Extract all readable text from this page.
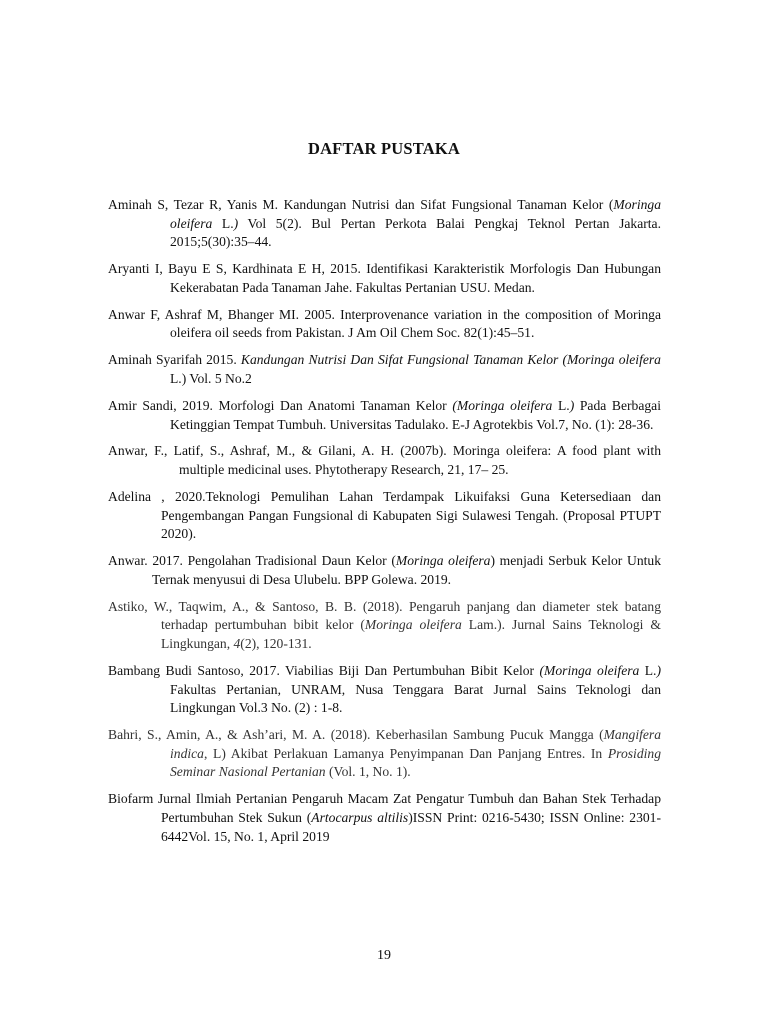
DAFTAR PUSTAKA

Aminah S, Tezar R, Yanis M. Kandungan Nutrisi dan Sifat Fungsional Tanaman Kelor (Moringa oleifera L.) Vol 5(2). Bul Pertan Perkota Balai Pengkaj Teknol Pertan Jakarta. 2015;5(30):35–44.

Aryanti I, Bayu E S, Kardhinata E H, 2015. Identifikasi Karakteristik Morfologis Dan Hubungan Kekerabatan Pada Tanaman Jahe. Fakultas Pertanian USU. Medan.

Anwar F, Ashraf M, Bhanger MI. 2005. Interprovenance variation in the composition of Moringa oleifera oil seeds from Pakistan. J Am Oil Chem Soc. 82(1):45–51.

Aminah Syarifah 2015. Kandungan Nutrisi Dan Sifat Fungsional Tanaman Kelor (Moringa oleifera L.) Vol. 5 No.2

Amir Sandi, 2019. Morfologi Dan Anatomi Tanaman Kelor (Moringa oleifera L.) Pada Berbagai Ketinggian Tempat Tumbuh. Universitas Tadulako. E-J Agrotekbis Vol.7, No. (1): 28-36.

Anwar, F., Latif, S., Ashraf, M., & Gilani, A. H. (2007b). Moringa oleifera: A food plant with multiple medicinal uses. Phytotherapy Research, 21, 17– 25.

Adelina , 2020.Teknologi Pemulihan Lahan Terdampak Likuifaksi Guna Ketersediaan dan Pengembangan Pangan Fungsional di Kabupaten Sigi Sulawesi Tengah. (Proposal PTUPT 2020).

Anwar. 2017. Pengolahan Tradisional Daun Kelor (Moringa oleifera) menjadi Serbuk Kelor Untuk Ternak menyusui di Desa Ulubelu. BPP Golewa. 2019.

Astiko, W., Taqwim, A., & Santoso, B. B. (2018). Pengaruh panjang dan diameter stek batang terhadap pertumbuhan bibit kelor (Moringa oleifera Lam.). Jurnal Sains Teknologi & Lingkungan, 4(2), 120-131.

Bambang Budi Santoso, 2017. Viabilias Biji Dan Pertumbuhan Bibit Kelor (Moringa oleifera L.) Fakultas Pertanian, UNRAM, Nusa Tenggara Barat Jurnal Sains Teknologi dan Lingkungan Vol.3 No. (2) : 1-8.

Bahri, S., Amin, A., & Ash’ari, M. A. (2018). Keberhasilan Sambung Pucuk Mangga (Mangifera indica, L) Akibat Perlakuan Lamanya Penyimpanan Dan Panjang Entres. In Prosiding Seminar Nasional Pertanian (Vol. 1, No. 1).

Biofarm Jurnal Ilmiah Pertanian Pengaruh Macam Zat Pengatur Tumbuh dan Bahan Stek Terhadap Pertumbuhan Stek Sukun (Artocarpus altilis)ISSN Print: 0216-5430; ISSN Online: 2301-6442Vol. 15, No. 1, April 2019

19
